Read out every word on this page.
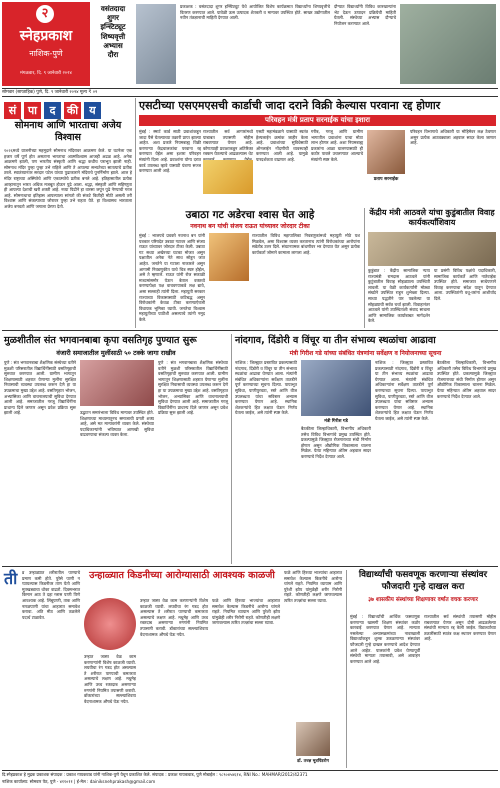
२
स्नेहप्रकाश
नाशिक-पुणे
मंगळवार, दि. ९ जानेवारी २०२४
वसंतदादा
शुगर
इन्स्टिट्यूट
शिष्यवृत्ती
अभ्यास
दौरा
प्रकाशक : वसंतदादा शुगर इन्स्टिट्यूट येथे आयोजित विशेष कार्यक्रमात विद्यार्थ्यांना शिष्यवृत्तीचे वितरण करण्यात आले. यावेळी ऊस उत्पादक शेतकरी व मान्यवर उपस्थित होते. साखर उद्योगातील नवीन तंत्रज्ञानाची माहिती देण्यात आली.
दौऱ्यात विद्यार्थ्यांनी विविध कारखान्यांना भेट देऊन उत्पादन प्रक्रियेची माहिती घेतली. संस्थेच्या अभ्यास दौऱ्याचे नियोजन करण्यात आले.
सोमवार (साप्ताहिक) पुणे, दि. ९ जानेवारी २०२४ मूल्य ₹ ०२
सं पा द की य
सोमनाथ आणि भारताचा अजेय विश्वास
१०२६मध्ये ग्राजनीच्या महमूदाने सोमनाथ मंदिरावर आक्रमण केले. या घटनेला एक हजार वर्षे पूर्ण होत असताना भारताचा आत्मविश्वास आजही अढळ आहे. अनेक आक्रमणे झाली, पण भारतीय संस्कृती आणि श्रद्धा कधीच पराभूत झाली नाही. सोमनाथ मंदिर पुन्हा पुन्हा उभे राहिले आणि ते आपल्या सभ्यतेच्या सातत्याचे प्रतीक ठरले. स्वातंत्र्यानंतर सरदार पटेल यांच्या पुढाकाराने मंदिराचे पुनर्निर्माण झाले. आज हे मंदिर राष्ट्राच्या अस्मितेचे आणि एकात्मतेचे प्रतीक बनले आहे. इतिहासातील प्रत्येक आव्हानातून भारत अधिक मजबूत होऊन पुढे आला. श्रद्धा, संस्कृती आणि सहिष्णुता ही आपल्या देशाची खरी शक्ती आहे. नव्या पिढीने हा वारसा जपून पुढे नेण्याची गरज आहे. सोमनाथाचा इतिहास आपल्याला सांगतो की संकटे कितीही मोठी असली तरी विश्वास आणि संकल्पाच्या जोरावर पुन्हा उभे राहता येते. हा विश्वासच भारताला अजेय बनवतो आणि जगाला प्रेरणा देतो.
एसटीच्या एसएमएसची कार्डाची जादा दराने विक्री केल्यास परवाना रद्द होणार
परिवहन मंत्री प्रताप सरनाईक यांचा इशारा
मुंबई : स्मार्ट कार्ड साठी प्रवाशांकडून जादा पैसे घेतल्याच्या तक्रारी प्राप्त झाल्या आहेत. अशा प्रकारे नियमबाह्य विक्री करणाऱ्या केंद्रचालकांचा परवाना रद्द करण्यात येईल असा इशारा परिवहन मंत्र्यांनी दिला आहे. प्रवाशांना योग्य दरात कार्ड उपलब्ध व्हावे यासाठी यंत्रणा सज्ज करण्यात आली आहे.
राज्यातील सर्व आगारांमध्ये याबाबत तपासणी मोहीम राबवण्यात येणार आहे. कोणत्याही प्रवाशाकडून अतिरिक्त रक्कम घेतल्याचे आढळल्यास थेट
एसटी महामंडळाने यासाठी स्वतंत्र हेल्पलाईन क्रमांक जाहीर केला आहे. प्रवाशांच्या सुविधेसाठी ऑनलाईन नोंदणीची व्यवस्थाही करण्यात आली आहे. यामुळे पारदर्शकता वाढणार आहे.
गरीब, गरजू आणि ग्रामीण भागातील प्रवाशांना याचा मोठा लाभ होणार आहे. अशा नियमबाह्य प्रकारांना आळा घालण्यासाठी ही कठोर पावले उचलण्यात आल्याचे मंत्र्यांनी स्पष्ट केले.
प्रताप सरनाईक
परिवहन विभागाचे अधिकारी या मोहिमेवर लक्ष ठेवणार असून प्रत्येक आठवड्याला अहवाल सादर केला जाणार आहे.
उबाठा गट अडेरचा श्वास घेत आहे
नवनाथ बन यांची संजय राऊत यांच्यावर जोरदार टीका
मुंबई : भाजपचे प्रवक्ते नवनाथ बन यांनी पत्रकार परिषदेत उबाठा गटावर आणि संजय राऊत यांच्यावर जोरदार टीका केली. उबाठा गट सध्या अखेरच्या घटका मोजत असून पक्षातील अनेक नेते साथ सोडून जात आहेत. जनतेने या गटाला नाकारले असून आगामी निवडणुकीत याचे चित्र स्पष्ट होईल, असे ते म्हणाले. राऊत यांनी रोज सकाळी माध्यमांसमोर येऊन बेताल वक्तव्ये करण्यापेक्षा पक्ष वाचवण्याकडे लक्ष द्यावे, असा सल्लाही त्यांनी दिला. महायुती सरकार राज्याच्या विकासासाठी कटिबद्ध असून विरोधकांनी केवळ टीका करण्याऐवजी विधायक भूमिका घ्यावी. जनतेचा विश्वास महायुतीच्या पाठीशी असल्याचे त्यांनी नमूद केले.
राज्यातील विविध महापालिका निवडणुकांमध्ये महायुती मोठे यश मिळवेल, असा विश्वास व्यक्त करतानाच त्यांनी विरोधकांच्या आरोपांना सडेतोड उत्तर दिले. संघटनात्मक बांधणीवर भर देण्यात येत असून प्रत्येक कार्यकर्ता जोमाने कामाला लागला आहे.
केंद्रीय मंत्री आठवले यांचा कुडुंबातील विवाह कार्यकर्त्यांशिवाय
कुडुंबात : केंद्रीय सामाजिक न्याय राज्यमंत्री रामदास आठवले यांनी कुटुंबातील विवाह सोहळ्याला उपस्थिती लावली. या वेळी कार्यकर्त्यांनी मोठ्या संख्येने उपस्थित राहून शुभेच्छा दिल्या. साध्या पद्धतीने पार पडलेल्या या सोहळ्याची सर्वत्र चर्चा झाली. विवाहानंतर आठवले यांनी उपस्थितांशी संवाद साधला आणि सामाजिक कार्याबाबत मार्गदर्शन केले.
या प्रसंगी विविध पक्षांचे पदाधिकारी, सामाजिक कार्यकर्ते आणि नातेवाईक उपस्थित होते. समाजात साधेपणाने विवाह करण्याचा संदेश यातून देण्यात आला. उपस्थितांनी वधू-वरांना आशीर्वाद दिले.
मुळशीतील संत भगवानबाबा कृपा वसतिगृह पुण्यात सुरू
वंजारी समाजातील मुलींसाठी ५० टक्के जागा राखीव
पुणे : संत भगवानबाबा शैक्षणिक संस्थेच्या वतीने मुळशी परिसरातील विद्यार्थिनींसाठी वसतिगृहाची सुरुवात करण्यात आली. ग्रामीण भागातून शिक्षणासाठी शहरात येणाऱ्या मुलींना सुरक्षित निवासाची व्यवस्था उपलब्ध करून देणे हा या उपक्रमाचा मुख्य उद्देश आहे. वसतिगृहात भोजन, अभ्यासिका आणि वाचनालयाची सुविधा देण्यात आली आहे. समाजातील गरजू विद्यार्थिनींना प्राधान्य दिले जाणार असून प्रवेश प्रक्रिया सुरू झाली आहे.	उद्घाटन समारंभाला विविध मान्यवर उपस्थित होते. शिक्षणाच्या माध्यमातूनच समाजाची प्रगती शक्य आहे, असे मत मान्यवरांनी व्यक्त केले. संस्थेच्या पदाधिकाऱ्यांनी भविष्यात आणखी सुविधा वाढवण्याचा संकल्प व्यक्त केला.
पुणे : संत भगवानबाबा शैक्षणिक संस्थेच्या वतीने मुळशी परिसरातील विद्यार्थिनींसाठी वसतिगृहाची सुरुवात करण्यात आली. ग्रामीण भागातून शिक्षणासाठी शहरात येणाऱ्या मुलींना सुरक्षित निवासाची व्यवस्था उपलब्ध करून देणे हा या उपक्रमाचा मुख्य उद्देश आहे. वसतिगृहात भोजन, अभ्यासिका आणि वाचनालयाची सुविधा देण्यात आली आहे. समाजातील गरजू विद्यार्थिनींना प्राधान्य दिले जाणार असून प्रवेश प्रक्रिया सुरू झाली आहे.
नांदगाव, दिंडोरी व विंचूर या तीन संभाव्य स्थळांचा आढावा
मंत्री गिरीश गडे यांच्या संबंधित यंत्रणांना सर्वेक्षण व नियोजनाच्या सूचना
नाशिक : जिल्ह्यात प्रस्तावित प्रकल्पासाठी नांदगाव, दिंडोरी व विंचूर या तीन संभाव्य स्थळांचा आढावा घेण्यात आला. मंत्र्यांनी संबंधित अधिकाऱ्यांना सर्वेक्षण तातडीने पूर्ण करण्याच्या सूचना दिल्या. पायाभूत सुविधा, पाणीपुरवठा, रस्ते आणि वीज उपलब्धता यांचा सविस्तर अभ्यास करण्यात येणार आहे. स्थानिक शेतकऱ्यांचे हित लक्षात घेऊन निर्णय घेतला जाईल, असे त्यांनी स्पष्ट केले.
मंत्री गिरीश गडे
बैठकीला जिल्हाधिकारी, विभागीय अधिकारी तसेच विविध विभागांचे प्रमुख उपस्थित होते. प्रकल्पामुळे जिल्ह्यात रोजगाराच्या संधी निर्माण होणार असून औद्योगिक विकासाला चालना मिळेल. येत्या महिन्यात अंतिम अहवाल सादर करण्याचे निर्देश देण्यात आले.
नाशिक : जिल्ह्यात प्रस्तावित प्रकल्पासाठी नांदगाव, दिंडोरी व विंचूर या तीन संभाव्य स्थळांचा आढावा घेण्यात आला. मंत्र्यांनी संबंधित अधिकाऱ्यांना सर्वेक्षण तातडीने पूर्ण करण्याच्या सूचना दिल्या. पायाभूत सुविधा, पाणीपुरवठा, रस्ते आणि वीज उपलब्धता यांचा सविस्तर अभ्यास करण्यात येणार आहे. स्थानिक शेतकऱ्यांचे हित लक्षात घेऊन निर्णय घेतला जाईल, असे त्यांनी स्पष्ट केले.
बैठकीला जिल्हाधिकारी, विभागीय अधिकारी तसेच विविध विभागांचे प्रमुख उपस्थित होते. प्रकल्पामुळे जिल्ह्यात रोजगाराच्या संधी निर्माण होणार असून औद्योगिक विकासाला चालना मिळेल. येत्या महिन्यात अंतिम अहवाल सादर करण्याचे निर्देश देण्यात आले.
ती	व्र उन्हाळ्यात शरीरातील पाण्याचे प्रमाण कमी होते. पुरेसे पाणी न प्यायल्यास किडनीवर ताण येतो आणि मूतखड्याचा धोका वाढतो. दिवसभरात किमान आठ ते दहा ग्लास पाणी पिणे आवश्यक आहे. लिंबूपाणी, ताक आणि नारळपाणी यांचा आहारात समावेश करावा. अति मीठ आणि तळलेले पदार्थ टाळावेत.
उन्हाळ्यात किडनीच्या आरोग्यासाठी आवश्यक काळजी
उन्हात जास्त वेळ काम करणाऱ्यांनी विशेष काळजी घ्यावी. लघवीचा रंग गडद होत असल्यास ते शरीरात पाण्याची कमतरता असल्याचे लक्षण आहे. मधुमेह आणि उच्च रक्तदाब असणाऱ्या रुग्णांनी नियमित तपासणी करावी. डॉक्टरांच्या सल्ल्याशिवाय वेदनाशामक औषधे घेऊ नयेत.
फळे आणि हिरव्या भाज्यांचा आहारात समावेश केल्यास किडनीचे आरोग्य चांगले राहते. नियमित व्यायाम आणि पुरेशी झोप यांमुळेही शरीर निरोगी राहते. कोणतीही लक्षणे जाणवल्यास त्वरित तज्ज्ञांचा सल्ला घ्यावा.
उन्हात जास्त वेळ काम करणाऱ्यांनी विशेष काळजी घ्यावी. लघवीचा रंग गडद होत असल्यास ते शरीरात पाण्याची कमतरता असल्याचे लक्षण आहे. मधुमेह आणि उच्च रक्तदाब असणाऱ्या रुग्णांनी नियमित तपासणी करावी. डॉक्टरांच्या सल्ल्याशिवाय वेदनाशामक औषधे घेऊ नयेत.
फळे आणि हिरव्या भाज्यांचा आहारात समावेश केल्यास किडनीचे आरोग्य चांगले राहते. नियमित व्यायाम आणि पुरेशी झोप यांमुळेही शरीर निरोगी राहते. कोणतीही लक्षणे जाणवल्यास त्वरित तज्ज्ञांचा सल्ला घ्यावा.
डॉ. तज्ज्ञ मूत्रपिंडरोग
विद्यार्थ्यांची फसवणूक करणाऱ्या संस्थांवर फौजदारी गुन्हे दाखल करा
३७ शासकीय संस्थांच्या शिक्षणावर वर्षात वचक करणार
मुंबई : विद्यार्थ्यांची आर्थिक फसवणूक करणाऱ्या खासगी शिक्षण संस्थांवर कठोर कारवाई करण्यात येणार आहे. मान्यता नसलेल्या अभ्यासक्रमांच्या नावाखाली विद्यार्थ्यांकडून शुल्क उकळणाऱ्या संस्थांवर फौजदारी गुन्हे दाखल करण्याचे आदेश देण्यात आले आहेत. पालकांनी प्रवेश घेण्यापूर्वी संस्थेची मान्यता तपासावी, असे आवाहन करण्यात आले आहे.
राज्यातील सर्व संस्थांची तपासणी मोहीम राबवण्यात येणार असून दोषी आढळलेल्या संस्थांची मान्यता रद्द केली जाईल. विद्यार्थ्यांच्या तक्रारींसाठी स्वतंत्र कक्ष स्थापन करण्यात येणार आहे.
दि.स्नेहप्रकाश हे मुद्रक प्रकाशक संपादक : प्रकाश गायकवाड यांनी नाशिक-पुणे येथून प्रकाशित केले. संपादक : प्रकाश गायकवाड, पुणे मोबाईल : ९८९०४५४६१४, RNI No.: MAHMAR/2012/42371
नाशिक कार्यालय: सोमवार पेठ, पुणे - ४११०११ | ई-मेल : dainiksnehprakash@gmail.com
